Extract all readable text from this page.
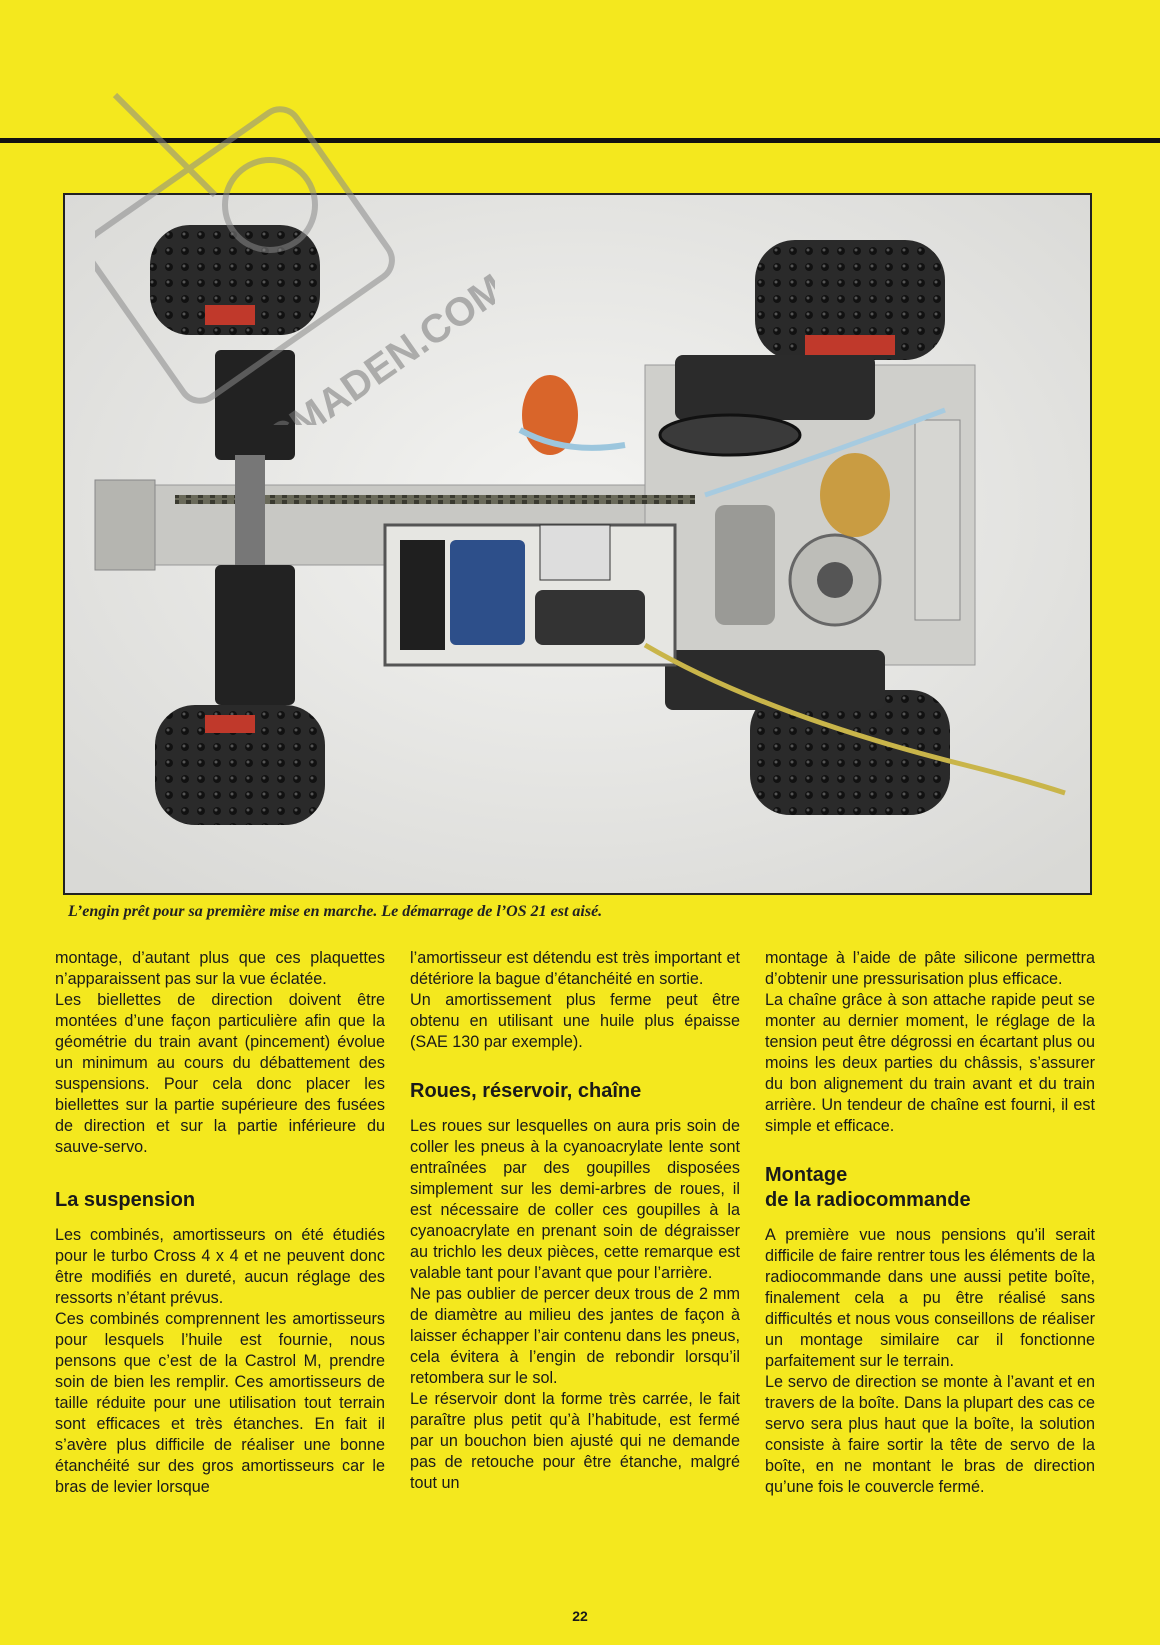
L’engin prêt pour sa première mise en marche. Le démarrage de l’OS 21 est aisé.

montage, d’autant plus que ces plaquettes n’apparaissent pas sur la vue éclatée.

Les biellettes de direction doivent être montées d’une façon particulière afin que la géométrie du train avant (pincement) évolue un minimum au cours du débattement des suspensions. Pour cela donc placer les biellettes sur la partie supérieure des fusées de direction et sur la partie inférieure du sauve-servo.

La suspension

Les combinés, amortisseurs on été étudiés pour le turbo Cross 4 x 4 et ne peuvent donc être modifiés en dureté, aucun réglage des ressorts n’étant prévus.

Ces combinés comprennent les amortisseurs pour lesquels l’huile est fournie, nous pensons que c’est de la Castrol M, prendre soin de bien les remplir. Ces amortisseurs de taille réduite pour une utilisation tout terrain sont efficaces et très étanches. En fait il s’avère plus difficile de réaliser une bonne étanchéité sur des gros amortisseurs car le bras de levier lorsque

l’amortisseur est détendu est très important et détériore la bague d’étanchéité en sortie.

Un amortissement plus ferme peut être obtenu en utilisant une huile plus épaisse (SAE 130 par exemple).

Roues, réservoir, chaîne

Les roues sur lesquelles on aura pris soin de coller les pneus à la cyanoacrylate lente sont entraînées par des goupilles disposées simplement sur les demi-arbres de roues, il est nécessaire de coller ces goupilles à la cyanoacrylate en prenant soin de dégraisser au trichlo les deux pièces, cette remarque est valable tant pour l’avant que pour l’arrière.

Ne pas oublier de percer deux trous de 2 mm de diamètre au milieu des jantes de façon à laisser échapper l’air contenu dans les pneus, cela évitera à l’engin de rebondir lorsqu’il retombera sur le sol.

Le réservoir dont la forme très carrée, le fait paraître plus petit qu’à l’habitude, est fermé par un bouchon bien ajusté qui ne demande pas de retouche pour être étanche, malgré tout un

montage à l’aide de pâte silicone permettra d’obtenir une pressurisation plus efficace.

La chaîne grâce à son attache rapide peut se monter au dernier moment, le réglage de la tension peut être dégrossi en écartant plus ou moins les deux parties du châssis, s’assurer du bon alignement du train avant et du train arrière. Un tendeur de chaîne est fourni, il est simple et efficace.

Montage
de la radiocommande

A première vue nous pensions qu’il serait difficile de faire rentrer tous les éléments de la radiocommande dans une aussi petite boîte, finalement cela a pu être réalisé sans difficultés et nous vous conseillons de réaliser un montage similaire car il fonctionne parfaitement sur le terrain.

Le servo de direction se monte à l’avant et en travers de la boîte. Dans la plupart des cas ce servo sera plus haut que la boîte, la solution consiste à faire sortir la tête de servo de la boîte, en ne montant le bras de direction qu’une fois le couvercle fermé.

22
